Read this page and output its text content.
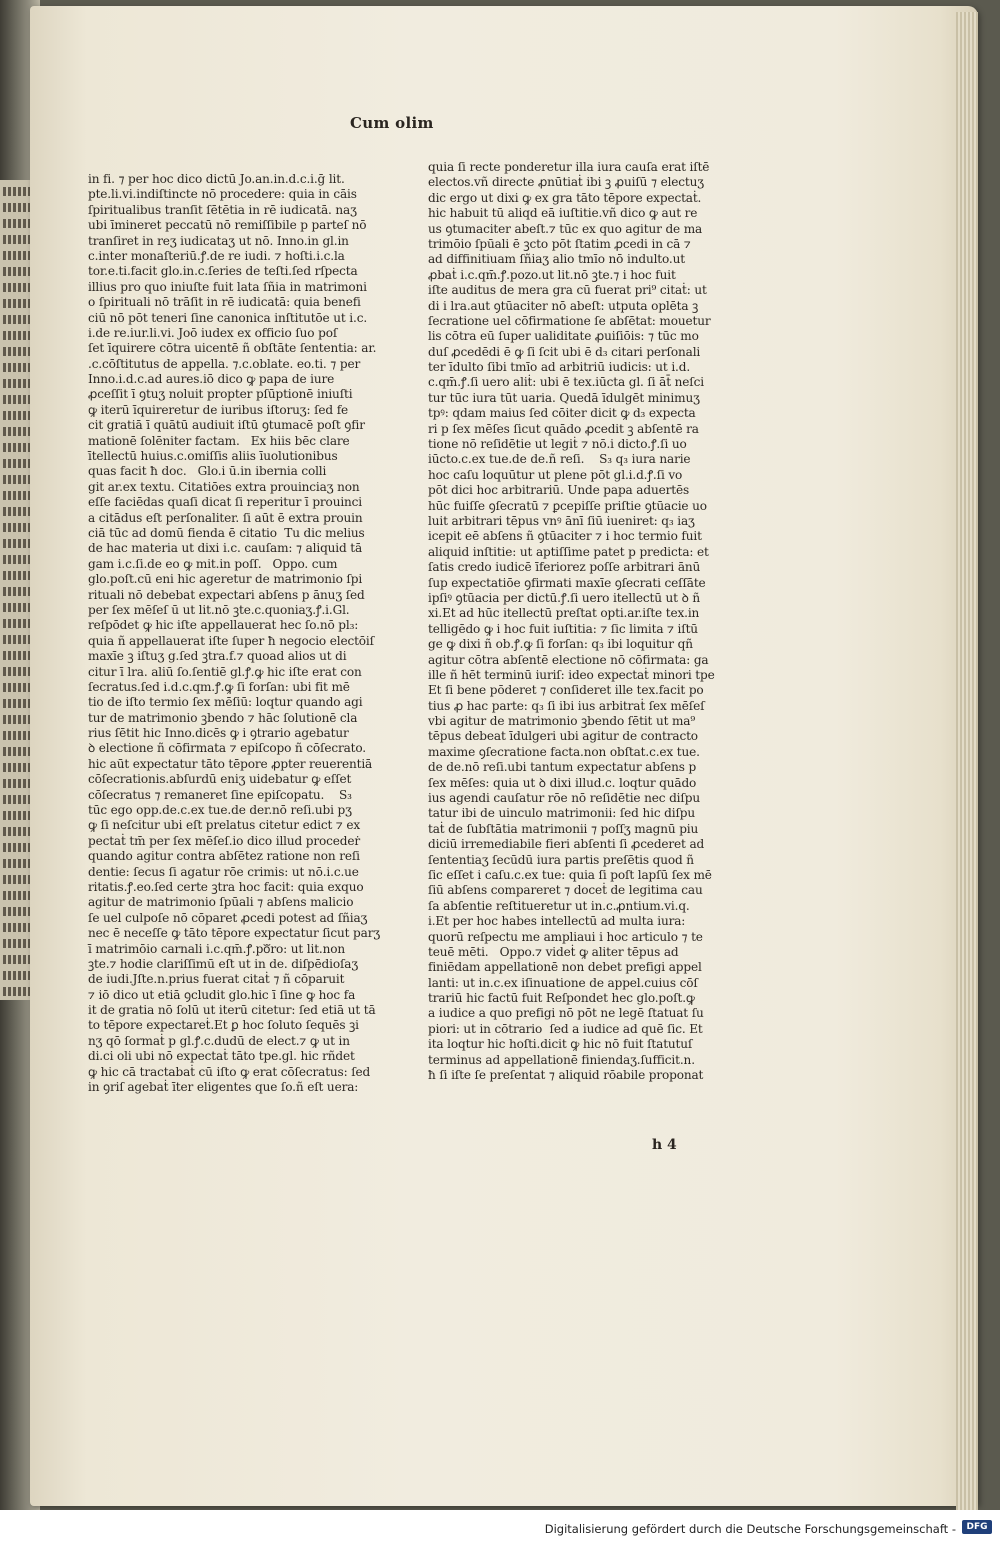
Cum olim
in fi. ⁊ per hoc dico dictū Jo.an.in.d.c.i.ḡ lit.
pte.li.vi.indiſtincte nō procedere: quia in cāis
ſpiritualibus tranſit ſētētia in rē iudicatā. naʒ
ubi īmineret peccatū nō remiſſibile p parteſ nō
tranſiret in reʒ iudicataʒ ut nō. Inno.in gl.in
c.inter monaſteriū.ꝭ.de re iudi. ⁊ hoſti.i.c.la
tor.e.ti.facit glo.in.c.ſeries de teſti.ſed rſpecta
illius pro quo iniuſte fuit lata ſñia in matrimoni
o ſpirituali nō trāſit in rē iudicatā: quia benefi
ciū nō pōt teneri ſine canonica inſtitutōe ut i.c.
i.de re.iur.li.vi. Joō iudex ex officio ſuo poſ
ſet īquirere cōtra uicentē ñ obſtāte ſententia: ar.
.c.cōſtitutus de appella. ⁊.c.oblate. eo.ti. ⁊ per
Inno.i.d.c.ad aures.iō dico ꝙ papa de iure
ꝓceſſit ī ꝯtuʒ noluit propter pſūptionē iniuſti
ꝙ iterū īquireretur de iuribus iſtoruʒ: ſed fe
cit gratiā ī quātū audiuit iſtū ꝯtumacē poſt ꝯfir
mationē ſolēniter factam.   Ex hiis bēc clare
ītellectū huius.c.omiſſis aliis īuolutionibus
quas facit ħ doc.   Glo.i ū.in ibernia colli
git ar.ex textu. Citatiōes extra prouinciaʒ non
eſſe faciēdas quaſi dicat ſi reperitur ī prouinci
a citādus eſt perſonaliter. ſi aūt ē extra prouin
ciā tūc ad domū fienda ē citatio  Tu dic melius
de hac materia ut dixi i.c. cauſam: ⁊ aliquid tā
gam i.c.ſi.de eo ꝙ mit.in poſſ.   Oppo. cum
glo.poſt.cū eni hic ageretur de matrimonio ſpi
rituali nō debebat expectari abſens p ānuʒ ſed
per ſex mēſeſ ū ut lit.nō ꝫte.c.quoniaʒ.ꝭ.i.Gl.
reſpōdet ꝙ hic iſte appellauerat hec ſo.nō pl₃:
quia ñ appellauerat iſte ſuper ħ negocio electōiſ
maxīe ꝫ iſtuʒ g.ſed ꝫtra.f.⁊ quoad alios ut di
citur ī lra. aliū ſo.ſentiē gl.ꝭ.ꝙ hic iſte erat con
ſecratus.ſed i.d.c.qm.ꝭ.ꝙ ſi forſan: ubi fit mē
tio de iſto termio ſex mēſiū: loqtur quando agi
tur de matrimonio ꝫbendo ⁊ hāc ſolutionē cla
rius ſētit hic Inno.dicēs ꝙ i ꝯtrario agebatur
ꝺ electione ñ cōfirmata ⁊ epiſcopo ñ cōſecrato.
hic aūt expectatur tāto tēpore ꝓpter reuerentiā
cōſecrationis.abſurdū eniʒ uidebatur ꝙ eſſet
cōſecratus ⁊ remaneret ſine epiſcopatu.    S₃
tūc ego opp.de.c.ex tue.de der.nō reſi.ubi pʒ
ꝙ ſi neſcitur ubi eſt prelatus citetur edict ⁊ ex
pectaṫ tm̄ per ſex mēſeſ.io dico illud procedeṙ
quando agitur contra abſētez ratione non reſi
dentie: ſecus ſi agatur rōe crimis: ut nō.i.c.ue
ritatis.ꝭ.eo.ſed certe ꝫtra hoc facit: quia exquo
agitur de matrimonio ſpūali ⁊ abſens malicio
ſe uel culpoſe nō cōparet ꝓcedi potest ad ſñiaʒ
nec ē neceſſe ꝙ tāto tēpore expectatur ſicut parʒ
ī matrimōio carnali i.c.qm̄.ꝭ.poᷓro: ut lit.non
ꝫte.⁊ hodie clariſſimū eſt ut in de. diſpēdioſaʒ
de iudi.Jſte.n.prius fuerat citaṫ ⁊ ñ cōparuit
⁊ iō dico ut etiā ꝯcludit glo.hic ī ſine ꝙ hoc fa
it de gratia nō ſolū ut iterū citetur: ſed etiā ut tā
to tēpore expectareṫ.Et ꝑ hoc ſoluto ſequēs ꝫi
nʒ qō ſormaṫ p gl.ꝭ.c.dudū de elect.⁊ ꝙ ut in
di.ci oli ubi nō expectaṫ tāto tpe.gl. hic rñdet
ꝙ hic cā tractabaṫ cū iſto ꝙ erat cōſecratus: ſed
in ꝯriſ agebaṫ īter eligentes que ſo.ñ eſt uera:
quia ſi recte ponderetur illa iura cauſa erat iſtē
electos.vñ directe ꝓnūtiaṫ ibi ꝫ ꝓuiſū ⁊ electuʒ
dic ergo ut dixi ꝙ ex gra tāto tēpore expectaṫ.
hic habuit tū aliqd eā iuſtitie.vñ dico ꝙ aut re
us ꝯtumaciter abeſt.⁊ tūc ex quo agitur de ma
trimōio ſpūali ē ꝫcto pōt ſtatim ꝓcedi in cā ⁊
ad diffinitiuam ſñiaʒ alio tmīo nō indulto.ut
ꝓbaṫ i.c.qm̄.ꝭ.pozo.ut lit.nō ꝫte.⁊ i hoc fuit
iſte auditus de mera gra cū fuerat pri⁹ citaṫ: ut
di i lra.aut ꝯtūaciter nō abeſt: utputa oplēta ꝫ
ſecratione uel cōfirmatione ſe abſētat: mouetur
lis cōtra eū ſuper ualiditate ꝓuiſiōis: ⁊ tūc mo
duſ ꝓcedēdi ē ꝙ ſi ſcit ubi ē d₃ citari perſonali
ter īdulto ſibi tmīo ad arbitriū iudicis: ut i.d.
c.qm̄.ꝭ.ſi uero aliṫ: ubi ē tex.iūcta gl. ſi āt̄ neſci
tur tūc iura tūt uaria. Quedā īdulgēt minimuʒ
tpꝰ: qdam maius ſed cōiter dicit ꝙ d₃ expecta
ri p ſex mēſes ſicut quādo ꝓcedit ꝫ abſentē ra
tione nō reſidētie ut legiṫ ⁊ nō.i dicto.ꝭ.ſi uo
iūcto.c.ex tue.de de.ñ reſi.    S₃ q₃ iura narie
hoc caſu loquūtur ut plene pōt gl.i.d.ꝭ.ſi vo
pōt dici hoc arbitrariū. Unde papa aduertēs
hūc fuiſſe ꝯſecratū ⁊ ꝑcepiſſe priſtie ꝯtūacie uo
luit arbitrari tēpus vnꝰ ānī ſiū iueniret: q₃ iaʒ
icepit eē abſens ñ ꝯtūaciter ⁊ i hoc termio fuit
aliquid inſtitie: ut aptiſſime patet p predicta: et
ſatis credo iudicē īferiorez poſſe arbitrari ānū
ſup expectatiōe ꝯfirmati maxīe ꝯſecrati ceſſāte
ipſiꝰ ꝯtūacia per dictū.ꝭ.ſi uero itellectū ut ꝺ ñ
xi.Et ad hūc itellectū preſtat opti.ar.iſte tex.in
telligēdo ꝙ i hoc fuit iuſtitia: ⁊ ſic limita ⁊ iſtū
ge ꝙ dixi ñ ob.ꝭ.ꝙ ſi forſan: q₃ ibi loquitur qñ
agitur cōtra abſentē electione nō cōfirmata: ga
ille ñ hēt terminū iuriſ: ideo expectaṫ minori tpe
Et ſi bene pōderet ⁊ conſideret ille tex.facit po
tius ꝓ hac parte: q₃ ſi ibi ius arbitraṫ ſex mēſeſ
vbi agitur de matrimonio ꝫbendo ſētit ut ma⁹
tēpus debeat īdulgeri ubi agitur de contracto
maxime ꝯſecratione facta.non obſtat.c.ex tue.
de de.nō reſi.ubi tantum expectatur abſens p
ſex mēſes: quia ut ꝺ dixi illud.c. loqtur quādo
ius agendi cauſatur rōe nō reſidētie nec diſpu
tatur ibi de uinculo matrimonii: ſed hic diſpu
taṫ de ſubſtātia matrimonii ⁊ poſſʒ magnū piu
diciū irremediabile fieri abſenti ſi ꝓcederet ad
ſententiaʒ ſecūdū iura partis preſētis quod ñ
ſic eſſet i caſu.c.ex tue: quia ſi poſt lapſū ſex mē
ſiū abſens compareret ⁊ doceṫ de legitima cau
ſa abſentie reſtitueretur ut in.c.ꝓntium.vi.q.
i.Et per hoc habes intellectū ad multa iura:
quorū reſpectu me ampliaui i hoc articulo ⁊ te
teuē mēti.   Oppo.⁊ videṫ ꝙ aliter tēpus ad
finiēdam appellationē non debet prefigi appel
lanti: ut in.c.ex iſinuatione de appel.cuius cōſ
trariū hic factū fuit Reſpondet hec glo.poſt.ꝙ
a iudice a quo prefigi nō pōt ne legē ſtatuat ſu
piori: ut in cōtrario  ſed a iudice ad quē ſic. Et
ita loqtur hic hoſti.dicit ꝙ hic nō fuit ſtatutuſ
terminus ad appellationē finiendaʒ.ſufficit.n.
ħ ſi iſte ſe preſentat ⁊ aliquid rōabile proponat
h 4
Digitalisierung gefördert durch die Deutsche Forschungsgemeinschaft -	DFG
